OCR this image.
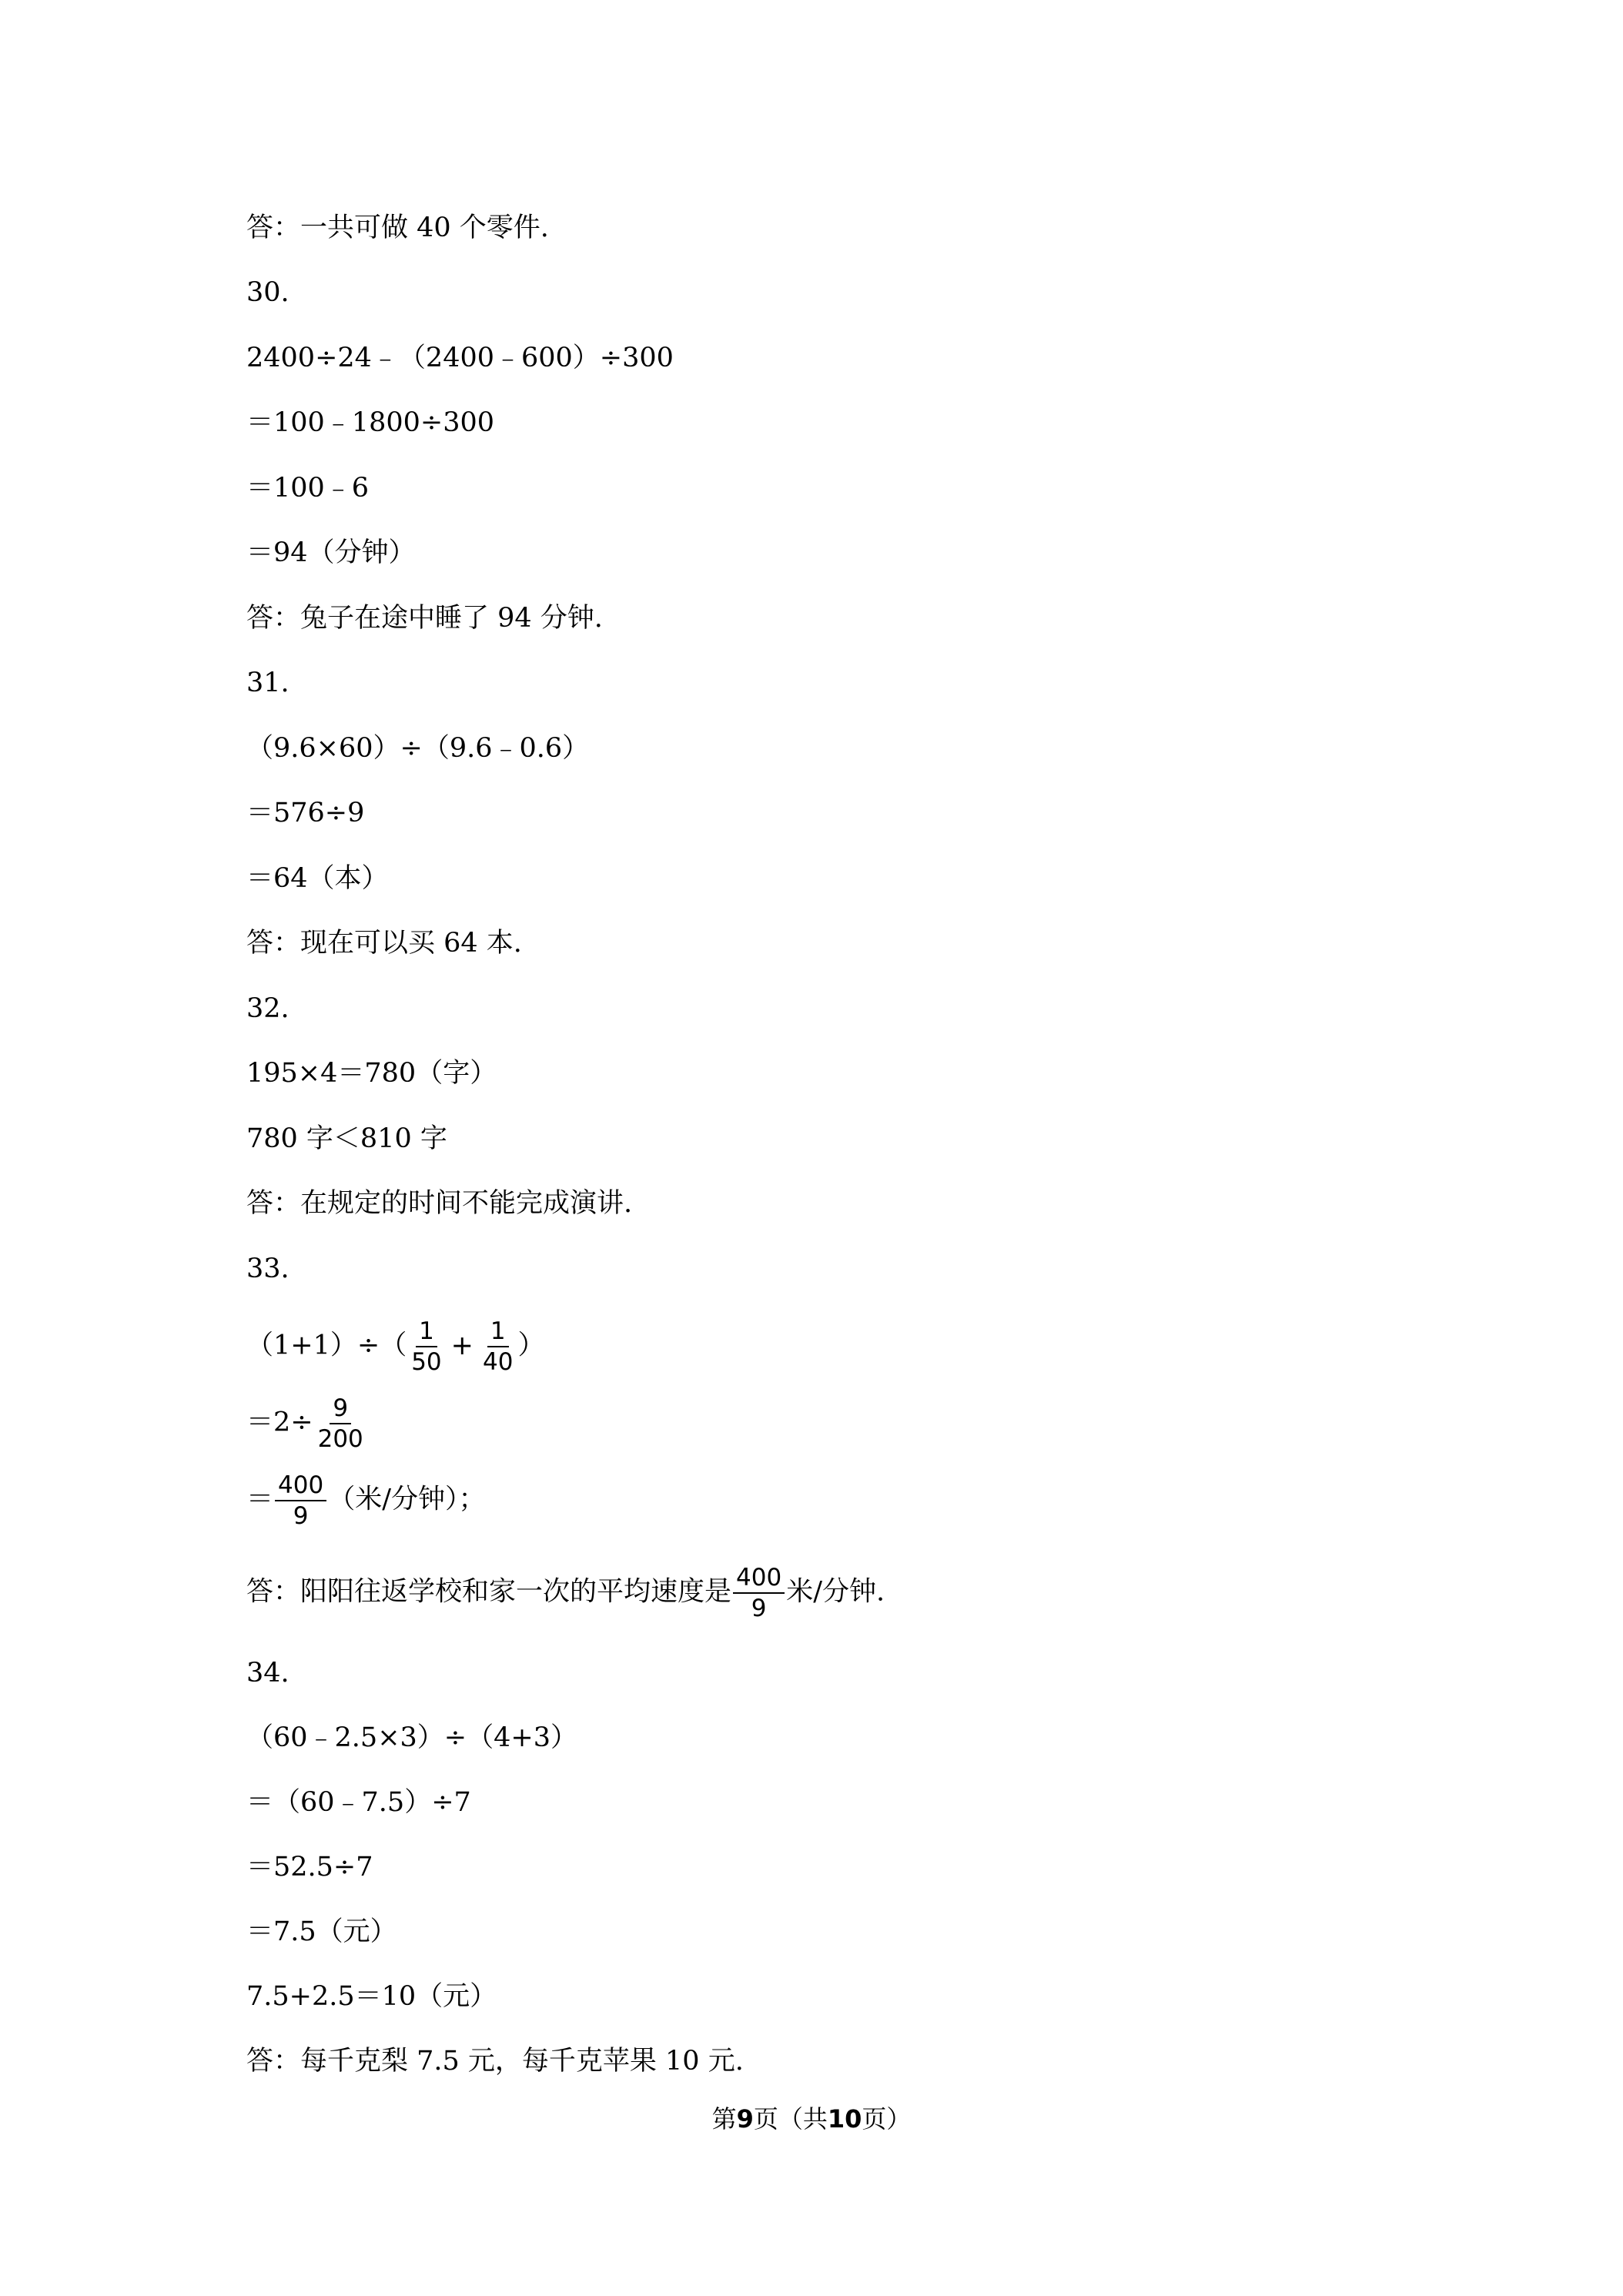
答：一共可做 40 个零件.
30.
2400÷24﹣（2400﹣600）÷300
＝100﹣1800÷300
＝100﹣6
＝94（分钟）
答：兔子在途中睡了 94 分钟.
31.
（9.6×60）÷（9.6﹣0.6）
＝576÷9
＝64（本）
答：现在可以买 64 本.
32.
195×4＝780（字）
780 字＜810 字
答：在规定的时间不能完成演讲.
33.
$(1+1)\div( \frac{1}{50} + \frac{1}{40}$ ）
$=2\div \frac{9}{200}$
＝ $\frac{400}{9}$ （米/分钟）；
答：阳阳往返学校和家一次的平均速度是 $\frac{400}{9}$ 米/分钟.
34.
（60﹣2.5×3）÷（4+3）
＝（60﹣7.5）÷7
＝52.5÷7
＝7.5（元）
7.5+2.5＝10（元）
答：每千克梨 7.5 元，每千克苹果 10 元.
第9页（共10页）
